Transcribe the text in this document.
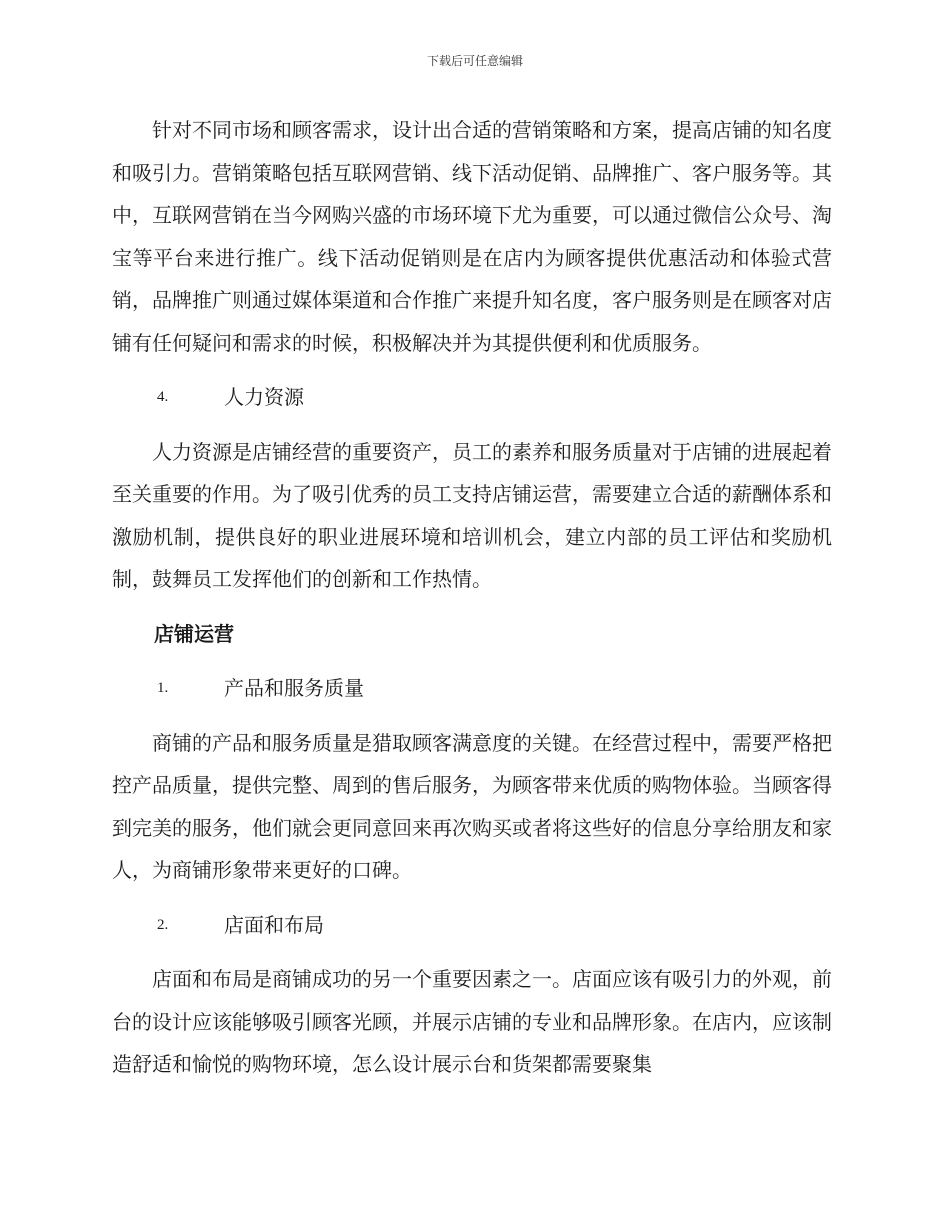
下载后可任意编辑

针对不同市场和顾客需求，设计出合适的营销策略和方案，提高店铺的知名度和吸引力。营销策略包括互联网营销、线下活动促销、品牌推广、客户服务等。其中，互联网营销在当今网购兴盛的市场环境下尤为重要，可以通过微信公众号、淘宝等平台来进行推广。线下活动促销则是在店内为顾客提供优惠活动和体验式营销，品牌推广则通过媒体渠道和合作推广来提升知名度，客户服务则是在顾客对店铺有任何疑问和需求的时候，积极解决并为其提供便利和优质服务。

4.	人力资源

人力资源是店铺经营的重要资产，员工的素养和服务质量对于店铺的进展起着至关重要的作用。为了吸引优秀的员工支持店铺运营，需要建立合适的薪酬体系和激励机制，提供良好的职业进展环境和培训机会，建立内部的员工评估和奖励机制，鼓舞员工发挥他们的创新和工作热情。

店铺运营
1.	产品和服务质量

商铺的产品和服务质量是猎取顾客满意度的关键。在经营过程中，需要严格把控产品质量，提供完整、周到的售后服务，为顾客带来优质的购物体验。当顾客得到完美的服务，他们就会更同意回来再次购买或者将这些好的信息分享给朋友和家人，为商铺形象带来更好的口碑。

2.	店面和布局

店面和布局是商铺成功的另一个重要因素之一。店面应该有吸引力的外观，前台的设计应该能够吸引顾客光顾，并展示店铺的专业和品牌形象。在店内，应该制造舒适和愉悦的购物环境，怎么设计展示台和货架都需要聚集
